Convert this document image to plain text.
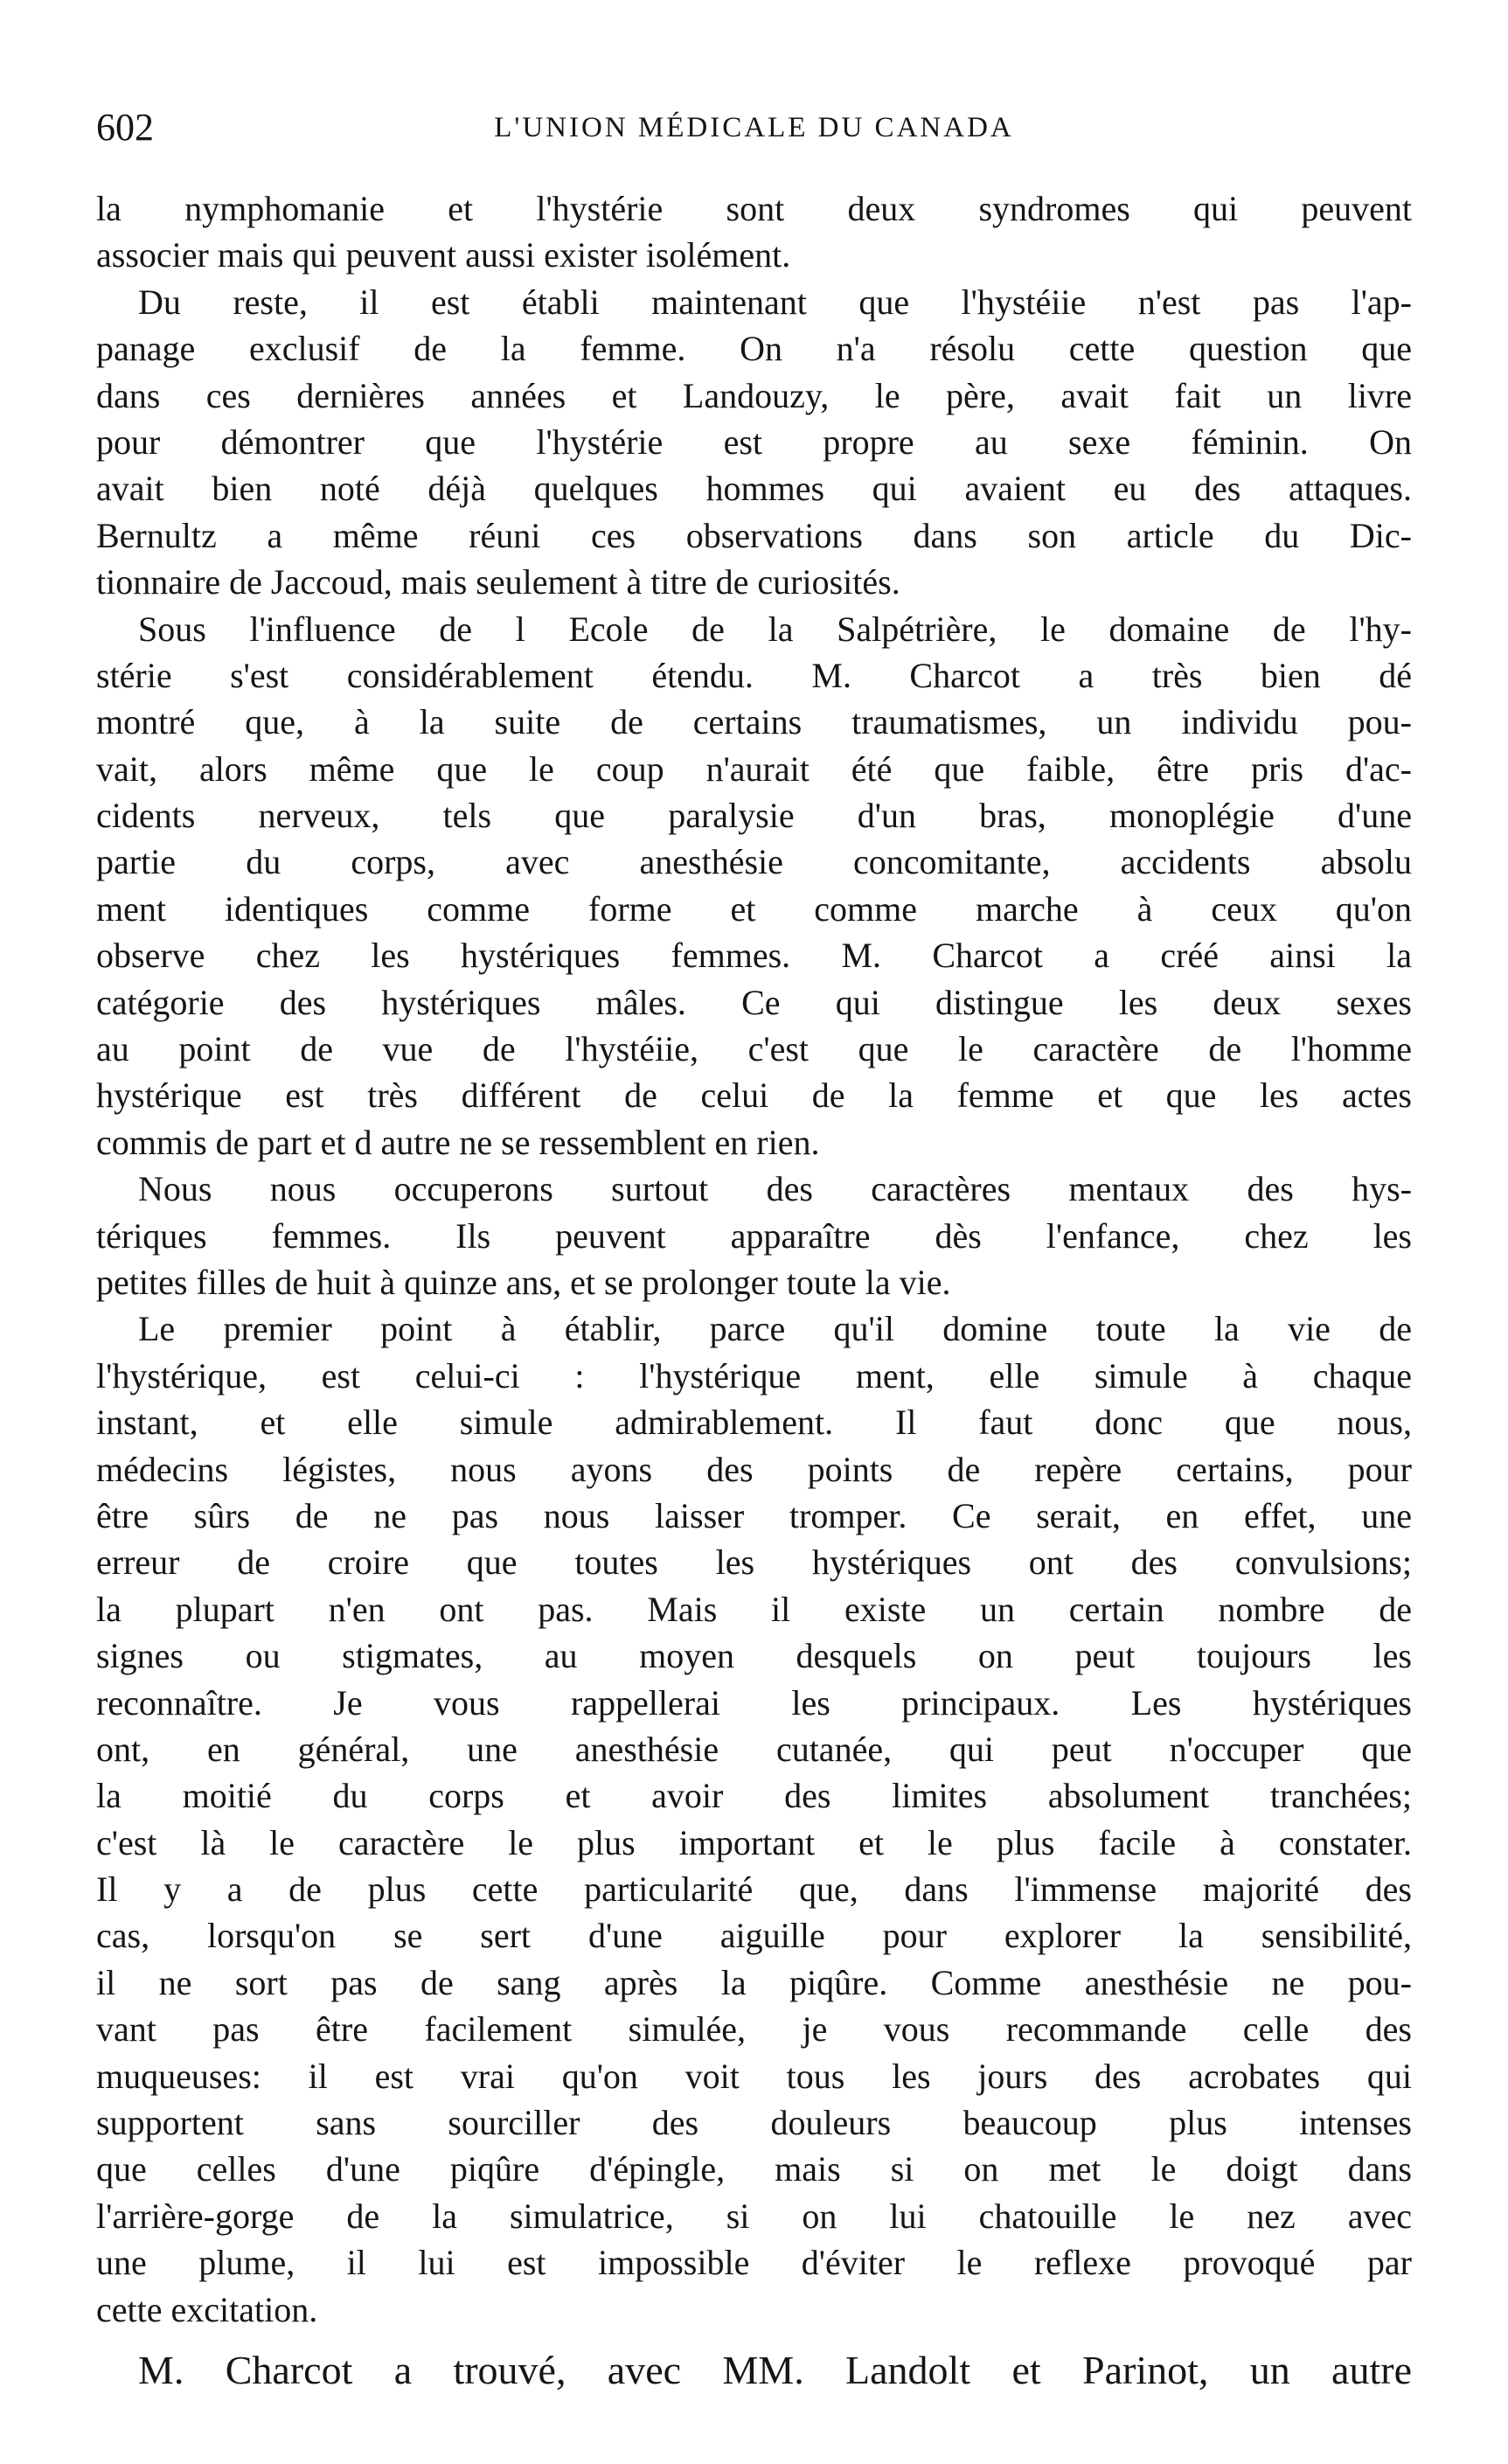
602	L'UNION MÉDICALE DU CANADA
la nymphomanie et l'hystérie sont deux syndromes qui peuvent
associer mais qui peuvent aussi exister isolément.
Du reste, il est établi maintenant que l'hystéiie n'est pas l'ap-
panage exclusif de la femme. On n'a résolu cette question que
dans ces dernières années et Landouzy, le père, avait fait un livre
pour démontrer que l'hystérie est propre au sexe féminin. On
avait bien noté déjà quelques hommes qui avaient eu des attaques.
Bernultz a même réuni ces observations dans son article du Dic-
tionnaire de Jaccoud, mais seulement à titre de curiosités.
Sous l'influence de l Ecole de la Salpétrière, le domaine de l'hy-
stérie s'est considérablement étendu. M. Charcot a très bien dé
montré que, à la suite de certains traumatismes, un individu pou-
vait, alors même que le coup n'aurait été que faible, être pris d'ac-
cidents nerveux, tels que paralysie d'un bras, monoplégie d'une
partie du corps, avec anesthésie concomitante, accidents absolu
ment identiques comme forme et comme marche à ceux qu'on
observe chez les hystériques femmes. M. Charcot a créé ainsi la
catégorie des hystériques mâles. Ce qui distingue les deux sexes
au point de vue de l'hystéiie, c'est que le caractère de l'homme
hystérique est très différent de celui de la femme et que les actes
commis de part et d autre ne se ressemblent en rien.
Nous nous occuperons surtout des caractères mentaux des hys-
tériques femmes. Ils peuvent apparaître dès l'enfance, chez les
petites filles de huit à quinze ans, et se prolonger toute la vie.
Le premier point à établir, parce qu'il domine toute la vie de
l'hystérique, est celui-ci : l'hystérique ment, elle simule à chaque
instant, et elle simule admirablement. Il faut donc que nous,
médecins légistes, nous ayons des points de repère certains, pour
être sûrs de ne pas nous laisser tromper. Ce serait, en effet, une
erreur de croire que toutes les hystériques ont des convulsions;
la plupart n'en ont pas. Mais il existe un certain nombre de
signes ou stigmates, au moyen desquels on peut toujours les
reconnaître. Je vous rappellerai les principaux. Les hystériques
ont, en général, une anesthésie cutanée, qui peut n'occuper que
la moitié du corps et avoir des limites absolument tranchées;
c'est là le caractère le plus important et le plus facile à constater.
Il y a de plus cette particularité que, dans l'immense majorité des
cas, lorsqu'on se sert d'une aiguille pour explorer la sensibilité,
il ne sort pas de sang après la piqûre. Comme anesthésie ne pou-
vant pas être facilement simulée, je vous recommande celle des
muqueuses: il est vrai qu'on voit tous les jours des acrobates qui
supportent sans sourciller des douleurs beaucoup plus intenses
que celles d'une piqûre d'épingle, mais si on met le doigt dans
l'arrière-gorge de la simulatrice, si on lui chatouille le nez avec
une plume, il lui est impossible d'éviter le reflexe provoqué par
cette excitation.
M. Charcot a trouvé, avec MM. Landolt et Parinot, un autre
